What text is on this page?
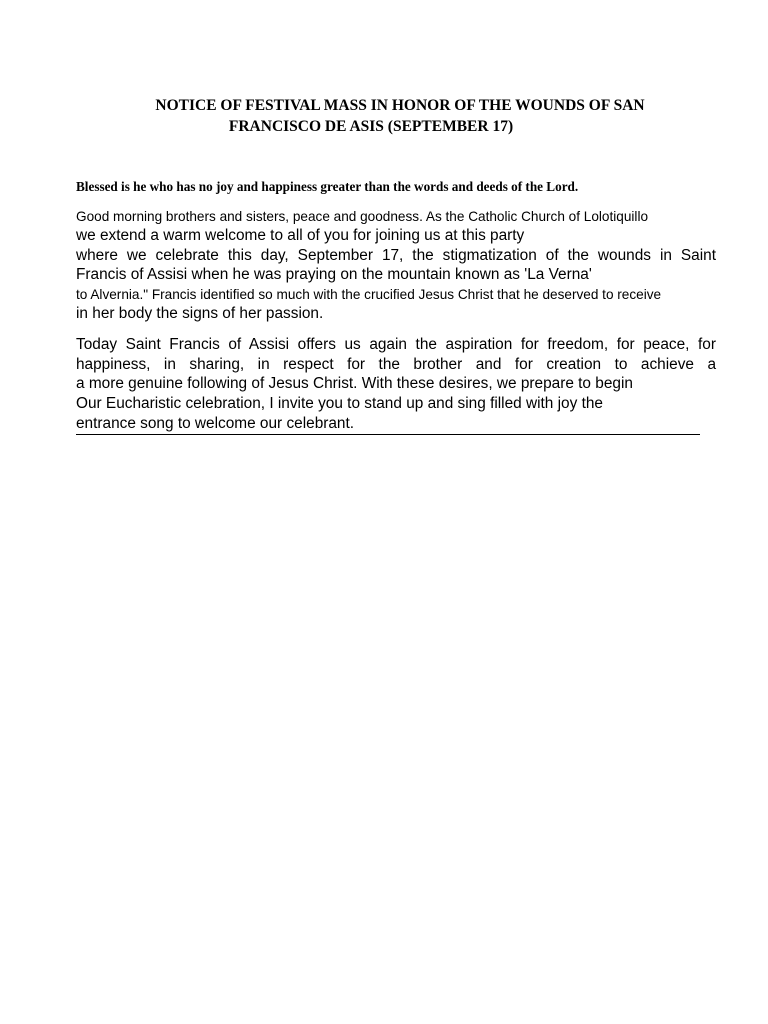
NOTICE OF FESTIVAL MASS IN HONOR OF THE WOUNDS OF SAN
FRANCISCO DE ASIS (SEPTEMBER 17)

Blessed is he who has no joy and happiness greater than the words and deeds of the Lord.

Good morning brothers and sisters, peace and goodness. As the Catholic Church of Lolotiquillo
we extend a warm welcome to all of you for joining us at this party
where we celebrate this day, September 17, the stigmatization of the wounds in Saint
Francis of Assisi when he was praying on the mountain known as 'La Verna'
to Alvernia." Francis identified so much with the crucified Jesus Christ that he deserved to receive
in her body the signs of her passion.
Today Saint Francis of Assisi offers us again the aspiration for freedom, for peace, for
happiness, in sharing, in respect for the brother and for creation to achieve a
a more genuine following of Jesus Christ. With these desires, we prepare to begin
Our Eucharistic celebration, I invite you to stand up and sing filled with joy the
entrance song to welcome our celebrant.
